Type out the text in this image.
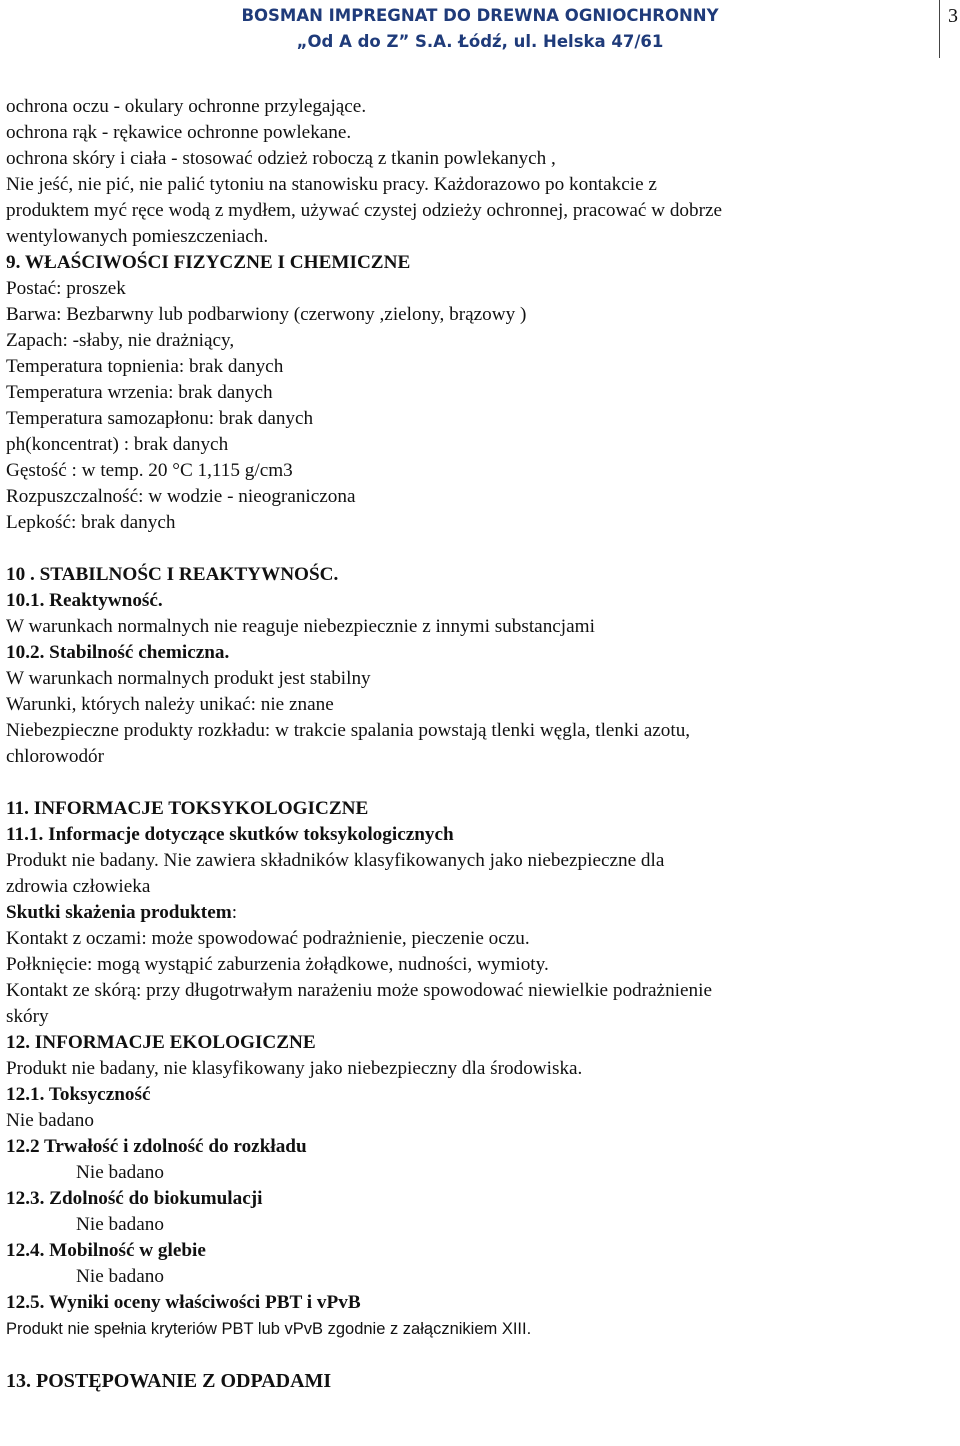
BOSMAN IMPREGNAT DO DREWNA OGNIOCHRONNY
„Od A do Z” S.A. Łódź, ul. Helska 47/61
3

ochrona oczu - okulary ochronne przylegające.

ochrona rąk - rękawice ochronne powlekane.

ochrona skóry i ciała - stosować odzież roboczą z tkanin powlekanych ,

Nie jeść, nie pić, nie palić tytoniu na stanowisku pracy. Każdorazowo po kontakcie z

produktem myć ręce wodą z mydłem, używać czystej odzieży ochronnej, pracować w dobrze

wentylowanych pomieszczeniach.

9. WŁAŚCIWOŚCI FIZYCZNE I CHEMICZNE

Postać: proszek

Barwa: Bezbarwny lub podbarwiony (czerwony ,zielony, brązowy )

Zapach: -słaby, nie drażniący,

Temperatura topnienia: brak danych

Temperatura wrzenia: brak danych

Temperatura samozapłonu: brak danych

ph(koncentrat) : brak danych

Gęstość : w temp. 20 °C 1,115 g/cm3

Rozpuszczalność: w wodzie - nieograniczona

Lepkość: brak danych

10 . STABILNOŚC I REAKTYWNOŚC.

10.1. Reaktywność.

W warunkach normalnych nie reaguje niebezpiecznie z innymi substancjami

10.2. Stabilność chemiczna.

W warunkach normalnych produkt jest stabilny

Warunki, których należy unikać: nie znane

Niebezpieczne produkty rozkładu: w trakcie spalania powstają tlenki węgla, tlenki azotu,

chlorowodór

11. INFORMACJE TOKSYKOLOGICZNE

11.1. Informacje dotyczące skutków toksykologicznych

Produkt nie badany. Nie zawiera składników klasyfikowanych jako niebezpieczne dla

zdrowia człowieka

Skutki skażenia produktem:

Kontakt z oczami: może spowodować podrażnienie, pieczenie oczu.

Połknięcie: mogą wystąpić zaburzenia żołądkowe, nudności, wymioty.

Kontakt ze skórą: przy długotrwałym narażeniu może spowodować niewielkie podrażnienie

skóry

12. INFORMACJE EKOLOGICZNE

Produkt nie badany, nie klasyfikowany jako niebezpieczny dla środowiska.

12.1. Toksyczność

Nie badano

12.2 Trwałość i zdolność do rozkładu

Nie badano

12.3. Zdolność do biokumulacji

Nie badano

12.4. Mobilność w glebie

Nie badano

12.5. Wyniki oceny właściwości PBT i vPvB

Produkt nie spełnia kryteriów PBT lub vPvB zgodnie z załącznikiem XIII.

13. POSTĘPOWANIE Z ODPADAMI
